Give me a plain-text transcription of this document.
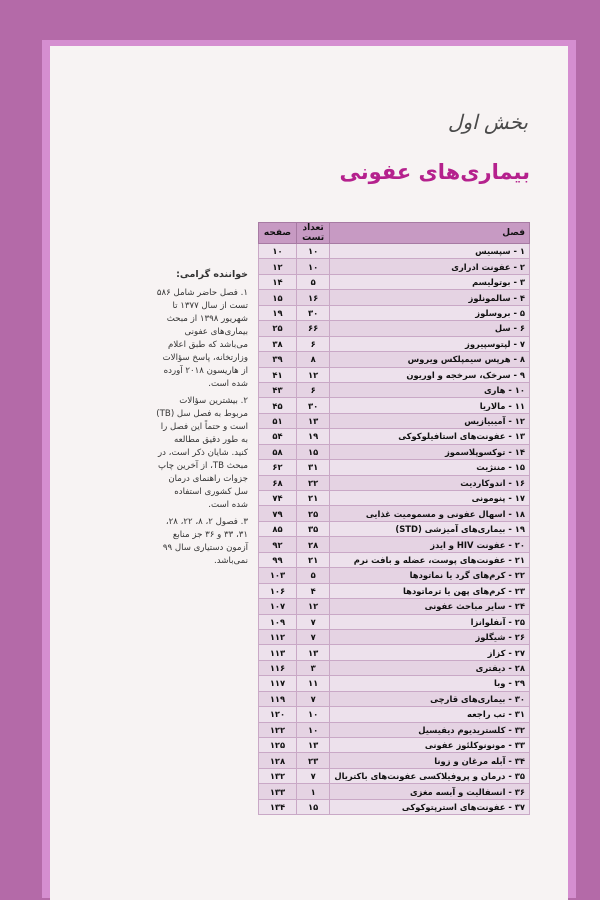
بخش اول
بیماری‌های عفونی
خواننده گرامی:

۱. فصل حاضر شامل ۵۸۶ تست از سال ۱۳۷۷ تا شهریور ۱۳۹۸ از مبحث بیماری‌های عفونی می‌باشد که طبق اعلام وزارتخانه، پاسخ سؤالات از هاریسون ۲۰۱۸ آورده شده است.

۲. بیشترین سؤالات مربوط به فصل سل (TB) است و حتماً این فصل را به طور دقیق مطالعه کنید. شایان ذکر است، در مبحث TB، از آخرین چاپ جزوات راهنمای درمان سل کشوری استفاده شده است.

۳. فصول ۲، ۸، ۲۲، ۲۸، ۳۱، ۳۳ و ۳۶ جز منابع آزمون دستیاری سال ۹۹ نمی‌باشد.

فصل	تعداد تست	صفحه
۱ - سپسیس	۱۰	۱۰
۲ - عفونت ادراری	۱۰	۱۲
۳ - بوتولیسم	۵	۱۴
۴ - سالمونلوز	۱۶	۱۵
۵ - بروسلوز	۳۰	۱۹
۶ - سل	۶۶	۲۵
۷ - لپتوسپیروز	۶	۳۸
۸ - هرپس سیمپلکس ویروس	۸	۳۹
۹ - سرخک، سرخجه و اوریون	۱۲	۴۱
۱۰ - هاری	۶	۴۳
۱۱ - مالاریا	۳۰	۴۵
۱۲ - آمیبیازیس	۱۳	۵۱
۱۳ - عفونت‌های استافیلوکوکی	۱۹	۵۴
۱۴ - توکسوپلاسموز	۱۵	۵۸
۱۵ - مننژیت	۳۱	۶۲
۱۶ - اندوکاردیت	۲۲	۶۸
۱۷ - پنومونی	۲۱	۷۴
۱۸ - اسهال عفونی و مسمومیت غذایی	۲۵	۷۹
۱۹ - بیماری‌های آمیزشی (STD)	۳۵	۸۵
۲۰ - عفونت HIV و ایدز	۲۸	۹۲
۲۱ - عفونت‌های پوست، عضله و بافت نرم	۲۱	۹۹
۲۲ - کرم‌های گرد یا نماتودها	۵	۱۰۳
۲۳ - کرم‌های پهن یا ترماتودها	۴	۱۰۶
۲۴ - سایر مباحث عفونی	۱۲	۱۰۷
۲۵ - آنفلوانزا	۷	۱۰۹
۲۶ - شیگلوز	۷	۱۱۲
۲۷ - کزاز	۱۳	۱۱۳
۲۸ - دیفتری	۳	۱۱۶
۲۹ - وبا	۱۱	۱۱۷
۳۰ - بیماری‌های قارچی	۷	۱۱۹
۳۱ - تب راجعه	۱۰	۱۲۰
۳۲ - کلستریدیوم دیفیسیل	۱۰	۱۲۲
۳۳ - مونونوکلئوز عفونی	۱۳	۱۲۵
۳۴ - آبله مرغان و زونا	۲۳	۱۲۸
۳۵ - درمان و پروفیلاکسی عفونت‌های باکتریال	۷	۱۳۲
۳۶ - انسفالیت و آبسه مغزی	۱	۱۳۳
۳۷ - عفونت‌های استرپتوکوکی	۱۵	۱۳۴
